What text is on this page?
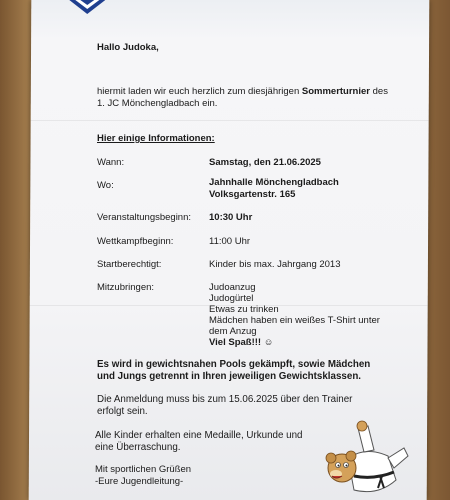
Hallo Judoka,
hiermit laden wir euch herzlich zum diesjährigen Sommerturnier des
1. JC Mönchengladbach ein.
Hier einige Informationen:
Wann:	Samstag, den 21.06.2025
Wo:	Jahnhalle Mönchengladbach
Volksgartenstr. 165
Veranstaltungsbeginn: 10:30 Uhr
Wettkampfbeginn:	11:00 Uhr
Startberechtigt:	Kinder bis max. Jahrgang 2013
Mitzubringen:	Judoanzug
Judogürtel
Etwas zu trinken
Mädchen haben ein weißes T-Shirt unter
dem Anzug
Viel Spaß!!! ☺
Es wird in gewichtsnahen Pools gekämpft, sowie Mädchen
und Jungs getrennt in Ihren jeweiligen Gewichtsklassen.
Die Anmeldung muss bis zum 15.06.2025 über den Trainer
erfolgt sein.
Alle Kinder erhalten eine Medaille, Urkunde und
eine Überraschung.
Mit sportlichen Grüßen
-Eure Jugendleitung-
